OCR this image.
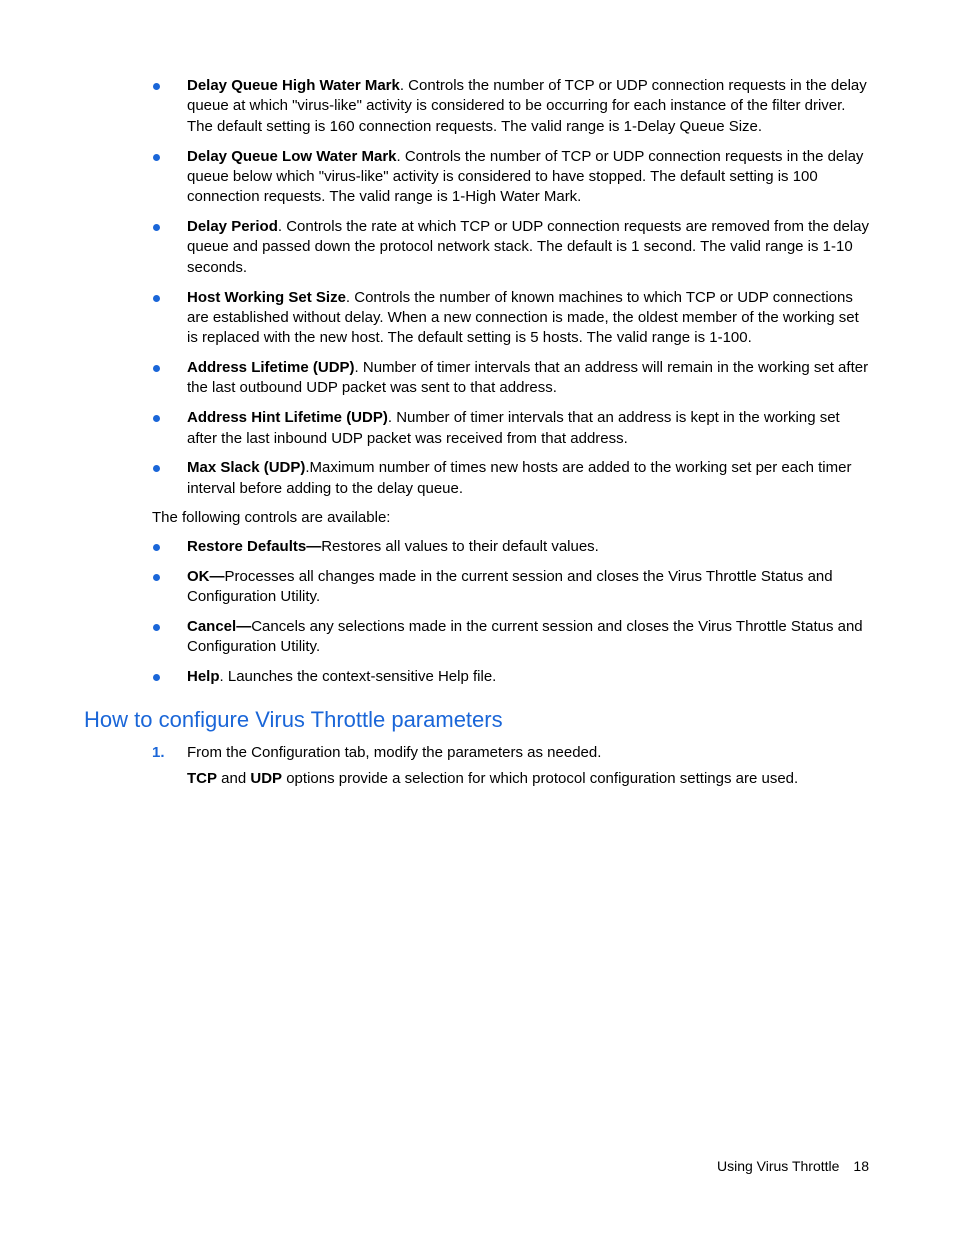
Delay Queue High Water Mark. Controls the number of TCP or UDP connection requests in the delay queue at which "virus-like" activity is considered to be occurring for each instance of the filter driver. The default setting is 160 connection requests. The valid range is 1-Delay Queue Size.
Delay Queue Low Water Mark. Controls the number of TCP or UDP connection requests in the delay queue below which "virus-like" activity is considered to have stopped. The default setting is 100 connection requests. The valid range is 1-High Water Mark.
Delay Period. Controls the rate at which TCP or UDP connection requests are removed from the delay queue and passed down the protocol network stack. The default is 1 second. The valid range is 1-10 seconds.
Host Working Set Size. Controls the number of known machines to which TCP or UDP connections are established without delay. When a new connection is made, the oldest member of the working set is replaced with the new host. The default setting is 5 hosts. The valid range is 1-100.
Address Lifetime (UDP). Number of timer intervals that an address will remain in the working set after the last outbound UDP packet was sent to that address.
Address Hint Lifetime (UDP). Number of timer intervals that an address is kept in the working set after the last inbound UDP packet was received from that address.
Max Slack (UDP).Maximum number of times new hosts are added to the working set per each timer interval before adding to the delay queue.

The following controls are available:

Restore Defaults—Restores all values to their default values.
OK—Processes all changes made in the current session and closes the Virus Throttle Status and Configuration Utility.
Cancel—Cancels any selections made in the current session and closes the Virus Throttle Status and Configuration Utility.
Help. Launches the context-sensitive Help file.
How to configure Virus Throttle parameters
1. From the Configuration tab, modify the parameters as needed.
TCP and UDP options provide a selection for which protocol configuration settings are used.
Using Virus Throttle 18
